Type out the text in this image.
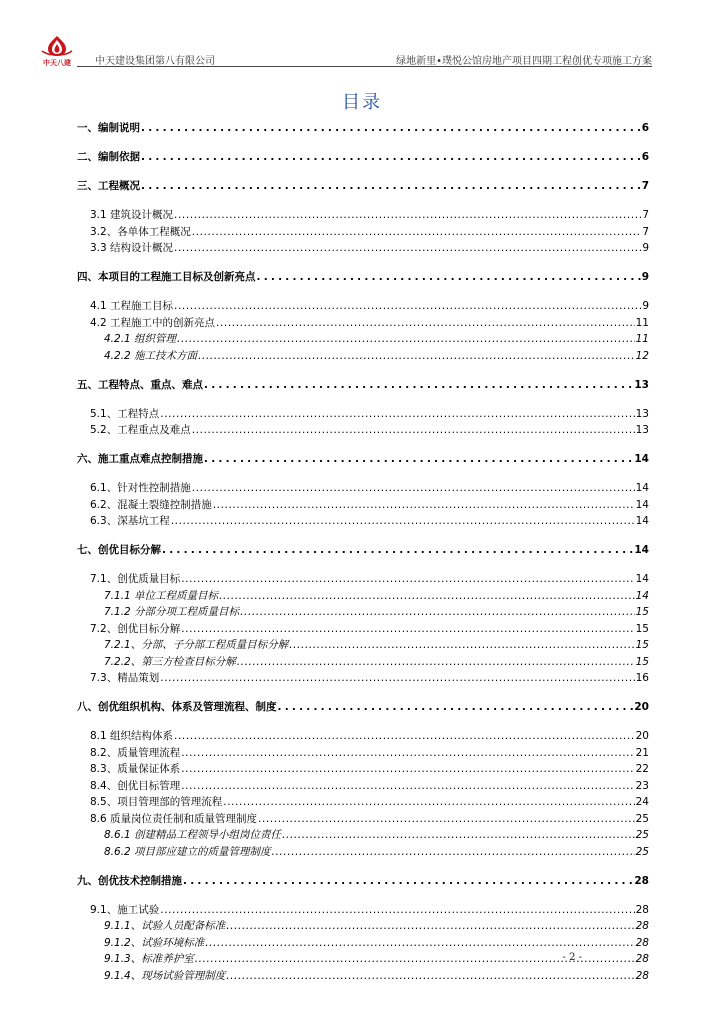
中天八建	中天建设集团第八有限公司	绿地新里•璞悦公馆房地产项目四期工程创优专项施工方案
目录
一、编制说明 .....	6
二、编制依据 .....	6
三、工程概况 .....	7
3.1 建筑设计概况 .....	7
3.2、各单体工程概况 .....	7
3.3 结构设计概况 .....	9
四、本项目的工程施工目标及创新亮点 .....	9
4.1 工程施工目标 .....	9
4.2 工程施工中的创新亮点 .....	11
4.2.1 组织管理 .....	11
4.2.2 施工技术方面 .....	12
五、工程特点、重点、难点 .....	13
5.1、工程特点 .....	13
5.2、工程重点及难点 .....	13
六、施工重点难点控制措施 .....	14
6.1、针对性控制措施 .....	14
6.2、混凝土裂缝控制措施 .....	14
6.3、深基坑工程 .....	14
七、创优目标分解 .....	14
7.1、创优质量目标 .....	14
7.1.1 单位工程质量目标 .....	14
7.1.2 分部分项工程质量目标 .....	15
7.2、创优目标分解 .....	15
7.2.1、分部、子分部工程质量目标分解 .....	15
7.2.2、第三方检查目标分解 .....	15
7.3、精品策划 .....	16
八、创优组织机构、体系及管理流程、制度 .....	20
8.1 组织结构体系 .....	20
8.2、质量管理流程 .....	21
8.3、质量保证体系 .....	22
8.4、创优目标管理 .....	23
8.5、项目管理部的管理流程 .....	24
8.6 质量岗位责任制和质量管理制度 .....	25
8.6.1 创建精品工程领导小组岗位责任 .....	25
8.6.2 项目部应建立的质量管理制度 .....	25
九、创优技术控制措施 .....	28
9.1、施工试验 .....	28
9.1.1、试验人员配备标准 .....	28
9.1.2、试验环境标准 .....	28
9.1.3、标准养护室 .....	28
9.1.4、现场试验管理制度 .....	28
- 2 -
